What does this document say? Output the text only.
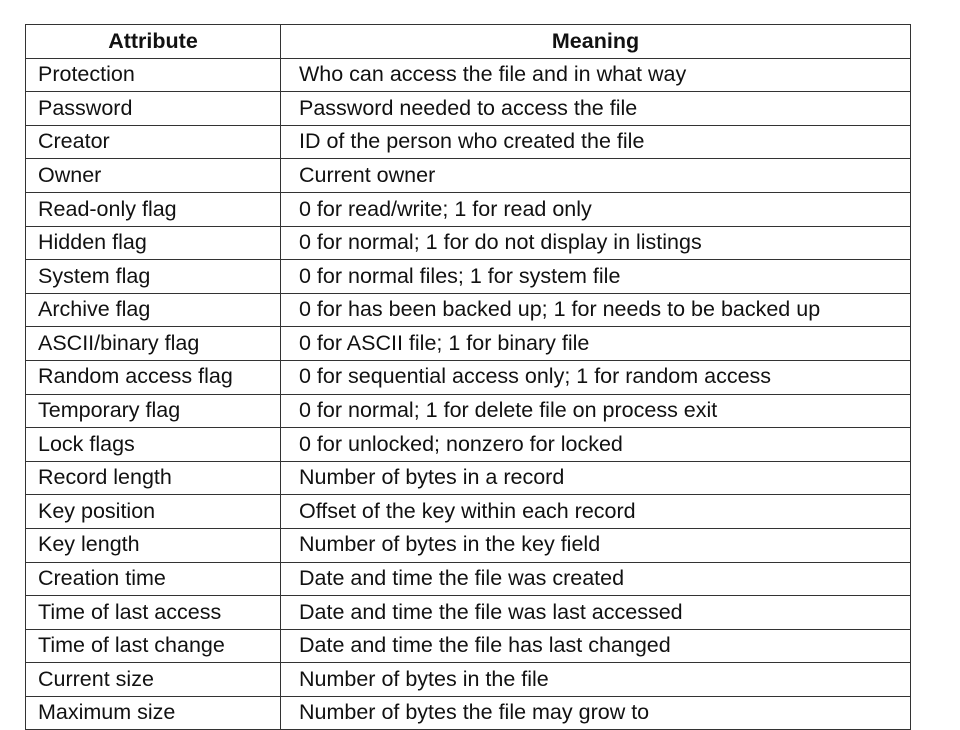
Attribute	Meaning
Protection	Who can access the file and in what way
Password	Password needed to access the file
Creator	ID of the person who created the file
Owner	Current owner
Read-only flag	0 for read/write; 1 for read only
Hidden flag	0 for normal; 1 for do not display in listings
System flag	0 for normal files; 1 for system file
Archive flag	0 for has been backed up; 1 for needs to be backed up
ASCII/binary flag	0 for ASCII file; 1 for binary file
Random access flag	0 for sequential access only; 1 for random access
Temporary flag	0 for normal; 1 for delete file on process exit
Lock flags	0 for unlocked; nonzero for locked
Record length	Number of bytes in a record
Key position	Offset of the key within each record
Key length	Number of bytes in the key field
Creation time	Date and time the file was created
Time of last access	Date and time the file was last accessed
Time of last change	Date and time the file has last changed
Current size	Number of bytes in the file
Maximum size	Number of bytes the file may grow to
